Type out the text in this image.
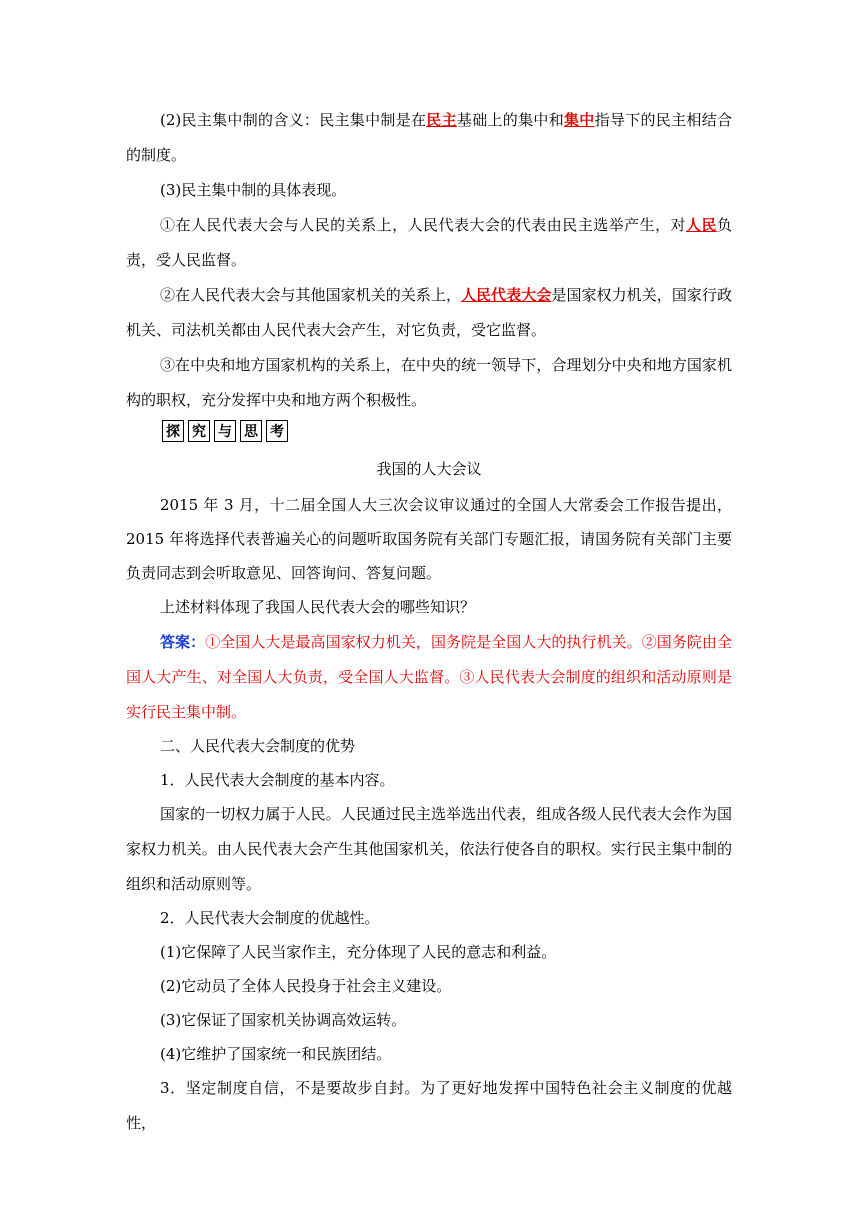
(2)民主集中制的含义：民主集中制是在民主基础上的集中和集中指导下的民主相结合的制度。

(3)民主集中制的具体表现。

①在人民代表大会与人民的关系上，人民代表大会的代表由民主选举产生，对人民负责，受人民监督。

②在人民代表大会与其他国家机关的关系上，人民代表大会是国家权力机关，国家行政机关、司法机关都由人民代表大会产生，对它负责，受它监督。

③在中央和地方国家机构的关系上，在中央的统一领导下，合理划分中央和地方国家机构的职权，充分发挥中央和地方两个积极性。

探 究 与 思 考

我国的人大会议

2015 年 3 月，十二届全国人大三次会议审议通过的全国人大常委会工作报告提出，2015 年将选择代表普遍关心的问题听取国务院有关部门专题汇报，请国务院有关部门主要负责同志到会听取意见、回答询问、答复问题。

上述材料体现了我国人民代表大会的哪些知识？

答案：①全国人大是最高国家权力机关，国务院是全国人大的执行机关。②国务院由全国人大产生、对全国人大负责，受全国人大监督。③人民代表大会制度的组织和活动原则是实行民主集中制。

二、人民代表大会制度的优势

1．人民代表大会制度的基本内容。

国家的一切权力属于人民。人民通过民主选举选出代表，组成各级人民代表大会作为国家权力机关。由人民代表大会产生其他国家机关，依法行使各自的职权。实行民主集中制的组织和活动原则等。

2．人民代表大会制度的优越性。

(1)它保障了人民当家作主，充分体现了人民的意志和利益。

(2)它动员了全体人民投身于社会主义建设。

(3)它保证了国家机关协调高效运转。

(4)它维护了国家统一和民族团结。

3．坚定制度自信，不是要故步自封。为了更好地发挥中国特色社会主义制度的优越性，
